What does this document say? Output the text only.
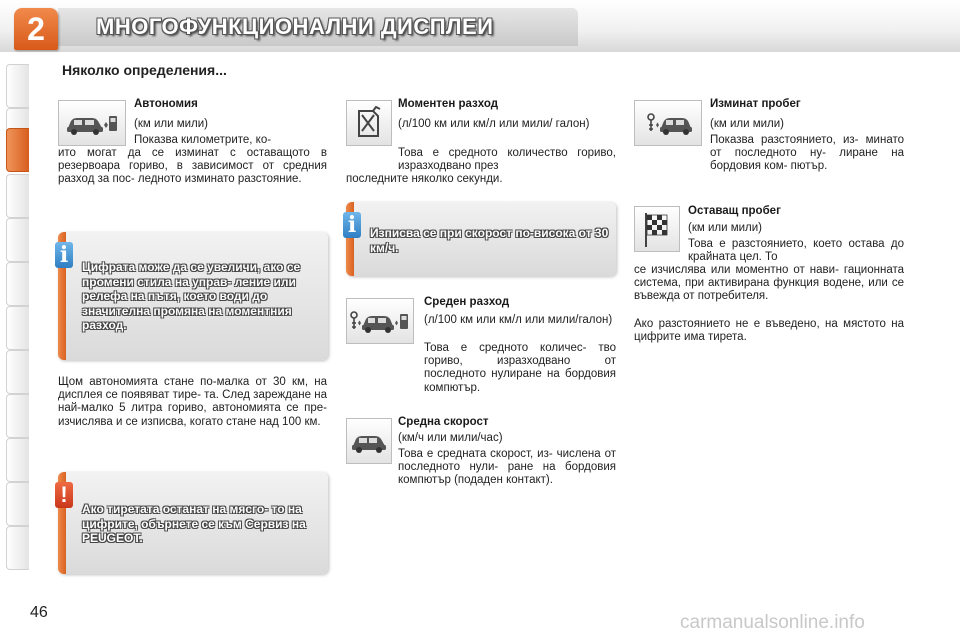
2	МНОГОФУНКЦИОНАЛНИ ДИСПЛЕИ
Няколко определения...
Автономия
(км или мили)
Показва километрите, ко-
ито могат да се изминат с оставащото в резервоара гориво, в зависимост от средния разход за пос- ледното изминато разстояние.
i	Цифрата може да се увеличи, ако се промени стила на управ- ление или релефа на пътя, което води до значителна промяна на моментния разход.
Щом автономията стане по-малка от 30 км, на дисплея се появяват тире- та. След зареждане на най-малко 5 литра гориво, автономията се пре- изчислява и се изписва, когато стане над 100 км.
!
Ако тиретата останат на мясго- то на цифрите, обърнете се към Сервиз на PEUGEOT.
Моментен разход
(л/100 км или км/л или мили/ галон)
Това е средното количество гориво, изразходвано през
последните няколко секунди.
i	Изписва се при скорост по-висока от 30 км/ч.
Среден разход
(л/100 км или км/л или мили/галон)
Това е средното количес- тво гориво, изразходвано от последното нулиране на бордовия компютър.
Средна скорост
(км/ч или мили/час)
Това е средната скорост, из- числена от последното нули- ране на бордовия компютър (подаден контакт).
Изминат пробег
(км или мили)
Показва разстоянието, из- минато от последното ну- лиране на бордовия ком- пютър.
Оставащ пробег
(км или мили)
Това е разстоянието, което остава до крайната цел. То
се изчислява или моментно от нави- гационната система, при активирана функция водене, или се въвежда от потребителя.
Ако разстоянието не е въведено, на мястото на цифрите има тирета.
46	carmanualsonline.info
